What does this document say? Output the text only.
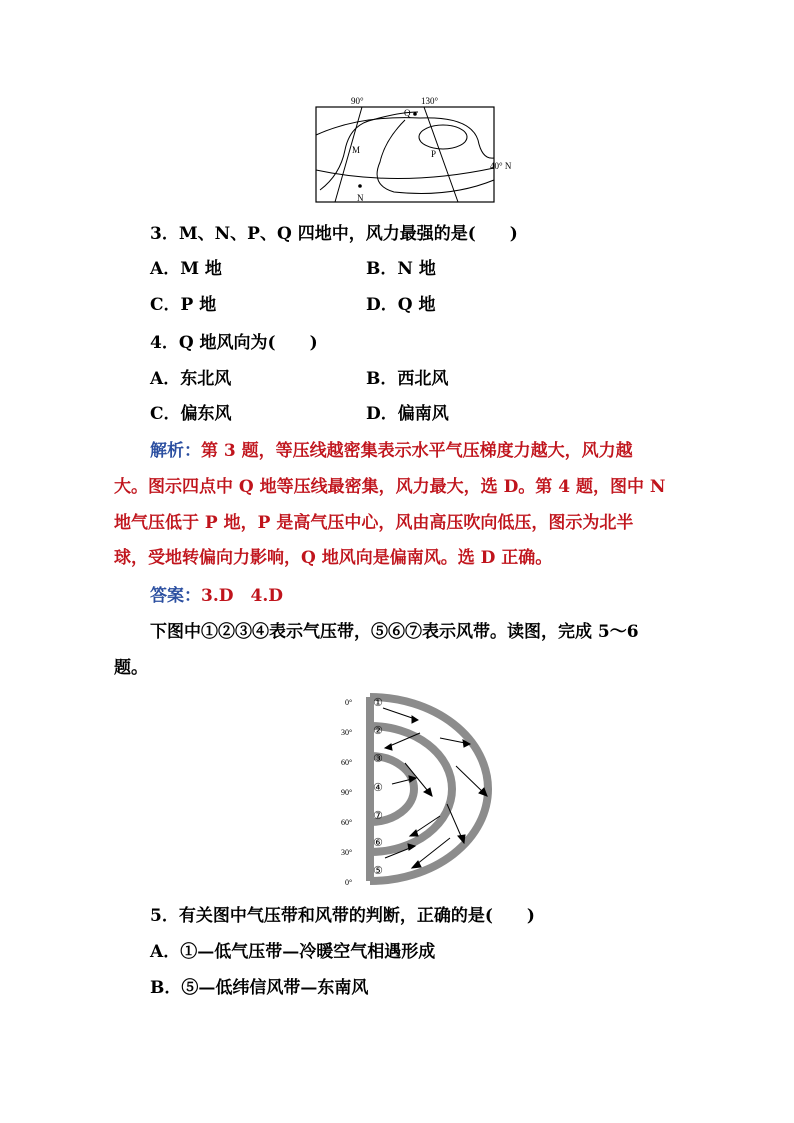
90°	130°
40° N
M
N
P
Q
3．M、N、P、Q 四地中，风力最强的是(　　)
A．M 地	B．N 地
C．P 地	D．Q 地
4．Q 地风向为(　　)
A．东北风	B．西北风
C．偏东风	D．偏南风
解析：第 3 题，等压线越密集表示水平气压梯度力越大，风力越
大。图示四点中 Q 地等压线最密集，风力最大，选 D。第 4 题，图中 N
地气压低于 P 地，P 是高气压中心，风由高压吹向低压，图示为北半
球，受地转偏向力影响，Q 地风向是偏南风。选 D 正确。
答案：3.D　4.D
下图中①②③④表示气压带，⑤⑥⑦表示风带。读图，完成 5～6
题。
0°
30°
60°
90°
60°
30°
0°
①
②
③
④
⑦
⑥
⑤
5．有关图中气压带和风带的判断，正确的是(　　)
A．①—低气压带—冷暖空气相遇形成
B．⑤—低纬信风带—东南风
